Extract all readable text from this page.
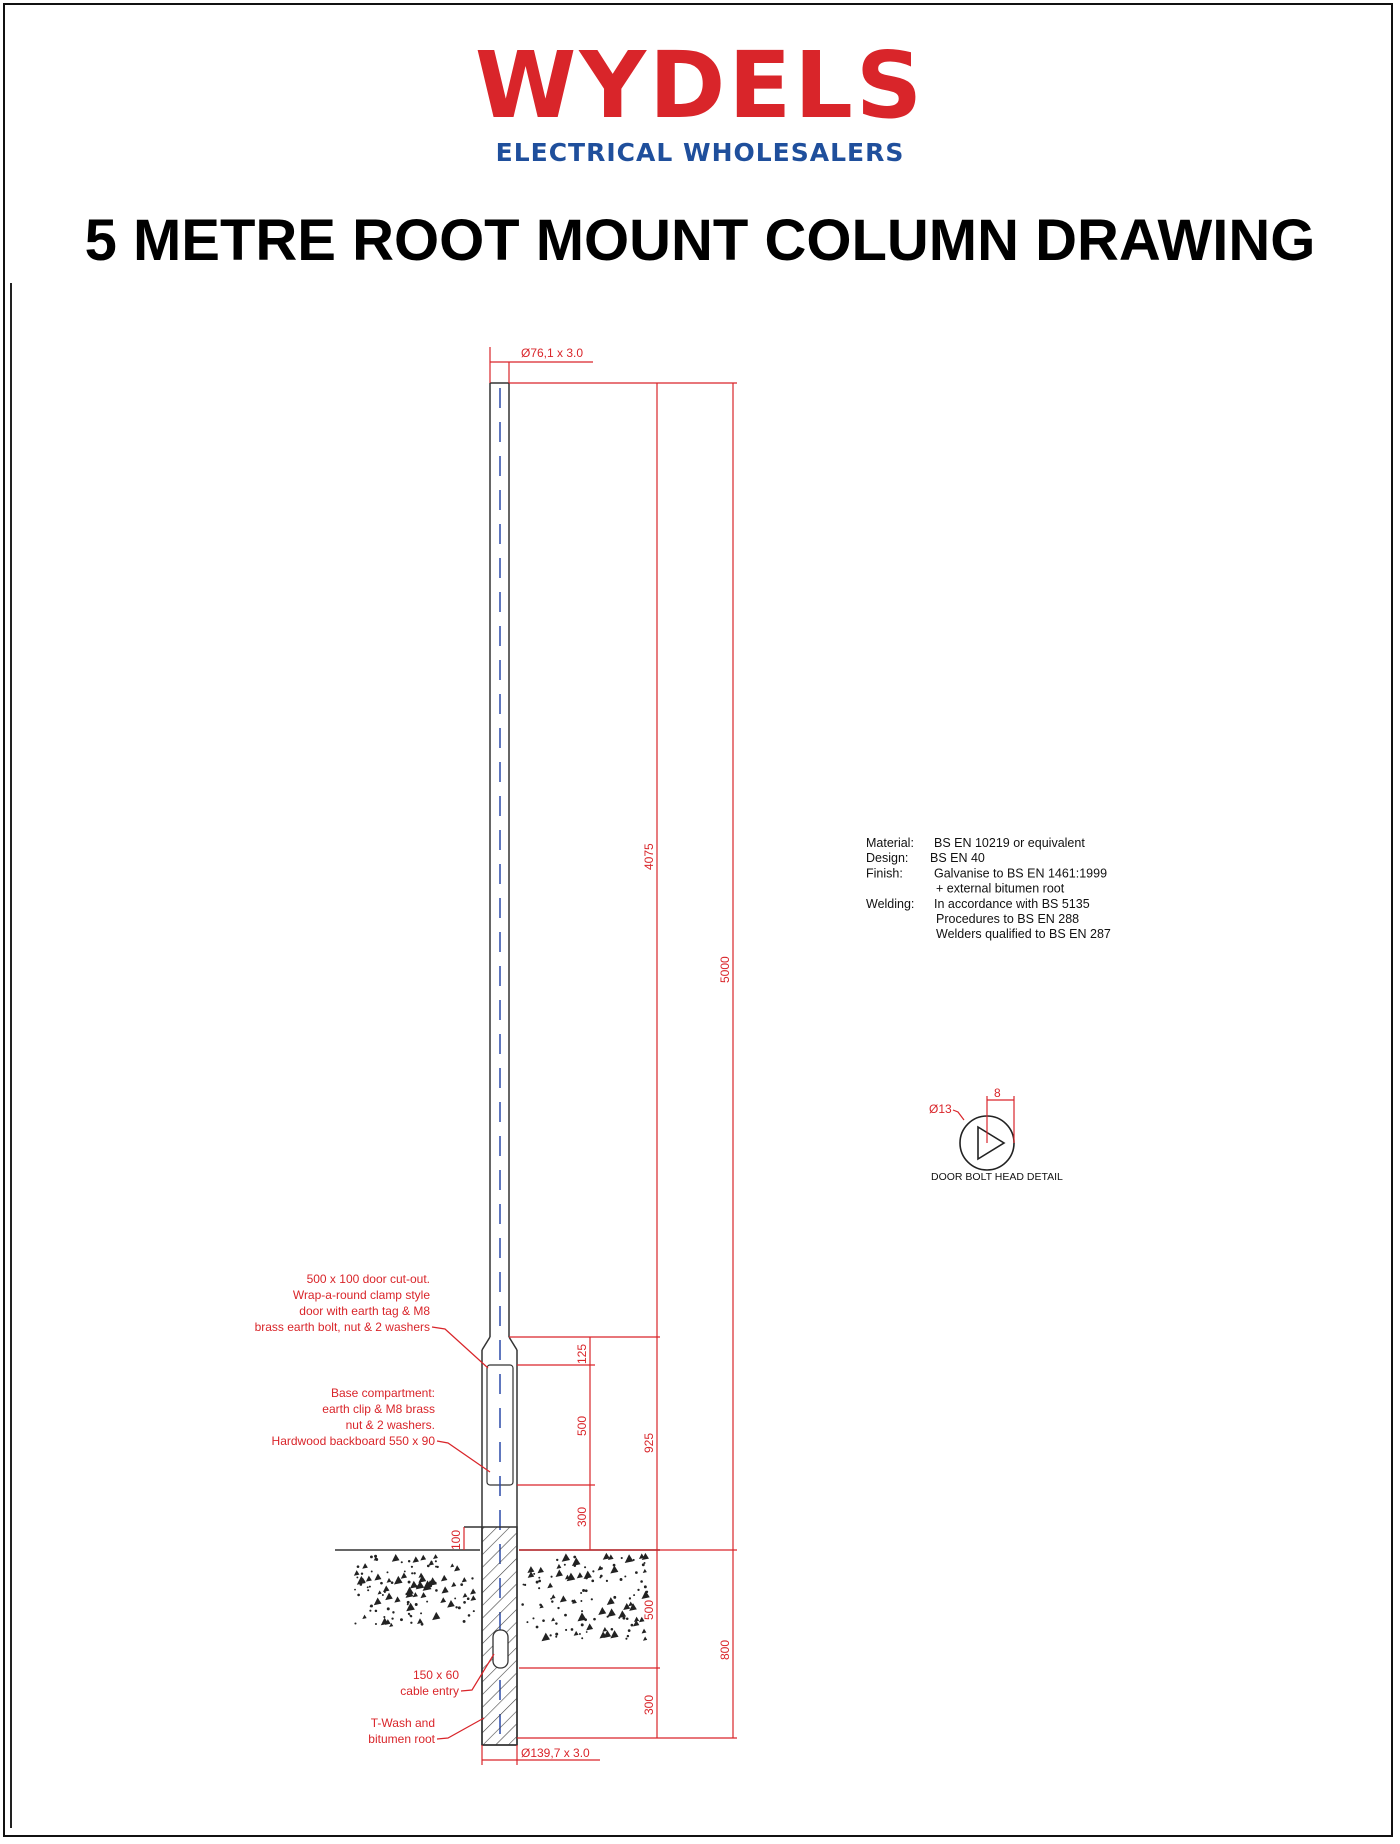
WYDELS
ELECTRICAL WHOLESALERS
5 METRE ROOT MOUNT COLUMN DRAWING
Ø76,1 x 3.0
Ø139,7 x 3.0
4075
5000
125
500
300
925
100
500
300
800
500 x 100 door cut-out.
Wrap-a-round clamp style
door with earth tag & M8
brass earth bolt, nut & 2 washers
Base compartment:
earth clip & M8 brass
nut & 2 washers.
Hardwood backboard 550 x 90
150 x 60
cable entry
T-Wash and
bitumen root
Material: BS EN 10219 or equivalent
Design: BS EN 40
Finish: Galvanise to BS EN 1461:1999
+ external bitumen root
Welding: In accordance with BS 5135
Procedures to BS EN 288
Welders qualified to BS EN 287
8
Ø13
DOOR BOLT HEAD DETAIL
